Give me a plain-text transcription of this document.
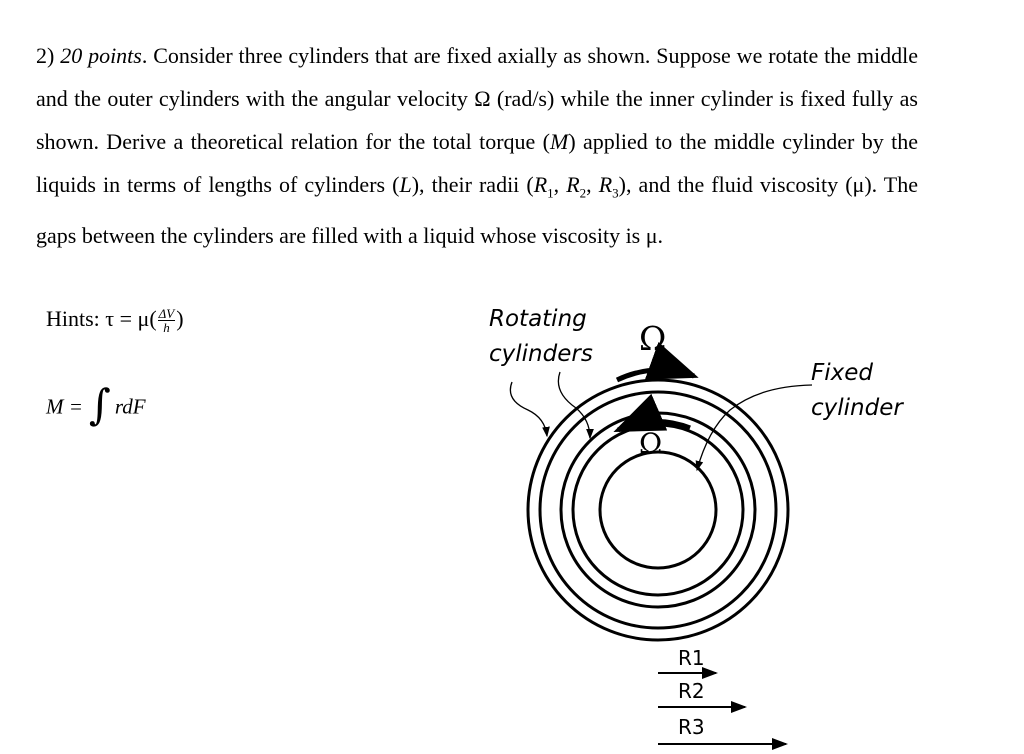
2) 20 points. Consider three cylinders that are fixed axially as shown. Suppose we rotate the middle and the outer cylinders with the angular velocity Ω (rad/s) while the inner cylinder is fixed fully as shown. Derive a theoretical relation for the total torque (M) applied to the middle cylinder by the liquids in terms of lengths of cylinders (L), their radii ($R_1$, $R_2$, $R_3$), and the fluid viscosity (μ). The gaps between the cylinders are filled with a liquid whose viscosity is μ.

Hints: $\tau = \mu( \frac{\Delta V}{h}$ )
M = ∫ rdF
Ω
Ω
Rotating
cylinders
Fixed
cylinder
R1
R2
R3
